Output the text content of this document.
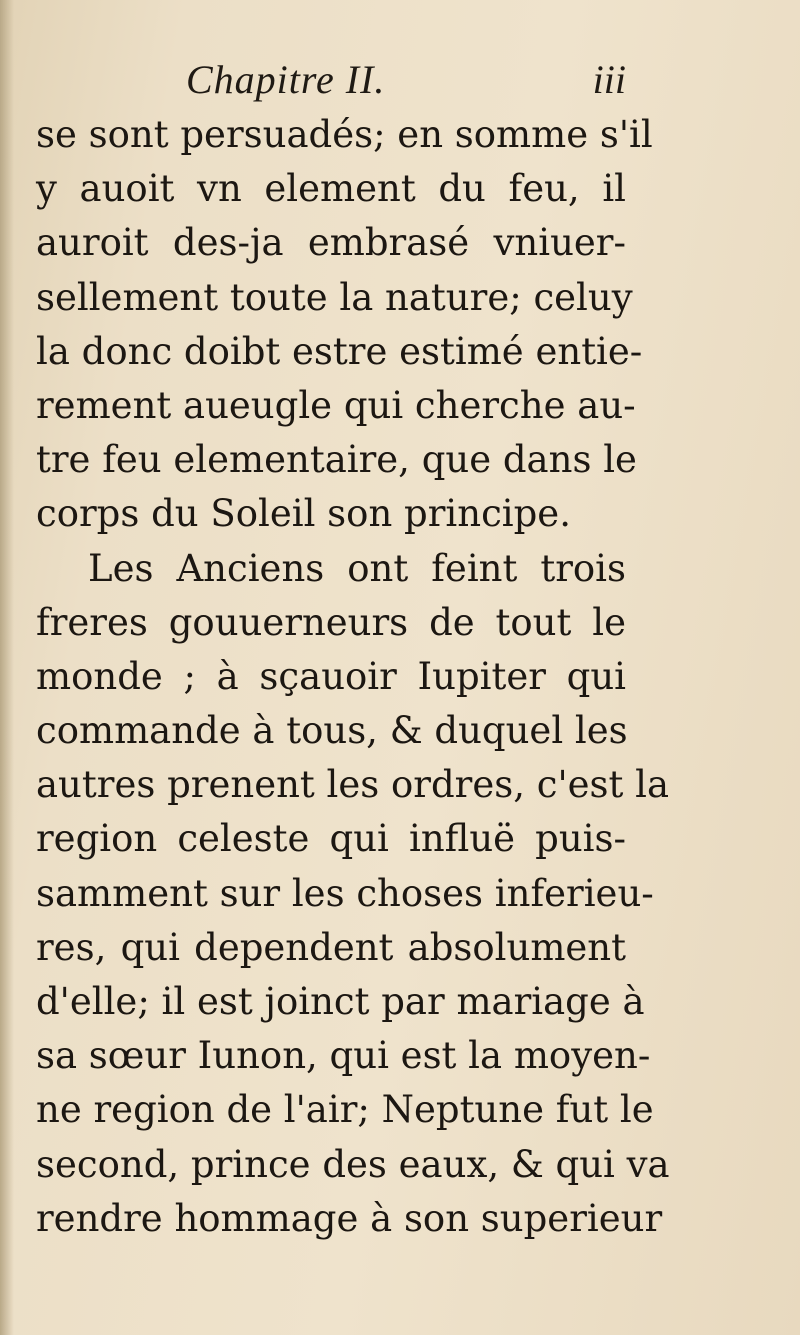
Chapitre II.	iii
se sont persuadés; en somme s'il
y auoit vn element du feu, il
auroit des-ja embrasé vniuer-
sellement toute la nature; celuy
la donc doibt estre estimé entie-
rement aueugle qui cherche au-
tre feu elementaire, que dans le
corps du Soleil son principe.
Les Anciens ont feint trois
freres gouuerneurs de tout le
monde ; à sçauoir Iupiter qui
commande à tous, & duquel les
autres prenent les ordres, c'est la
region celeste qui influë puis-
samment sur les choses inferieu-
res, qui dependent absolument
d'elle; il est joinct par mariage à
sa sœur Iunon, qui est la moyen-
ne region de l'air; Neptune fut le
second, prince des eaux, & qui va
rendre hommage à son superieur
